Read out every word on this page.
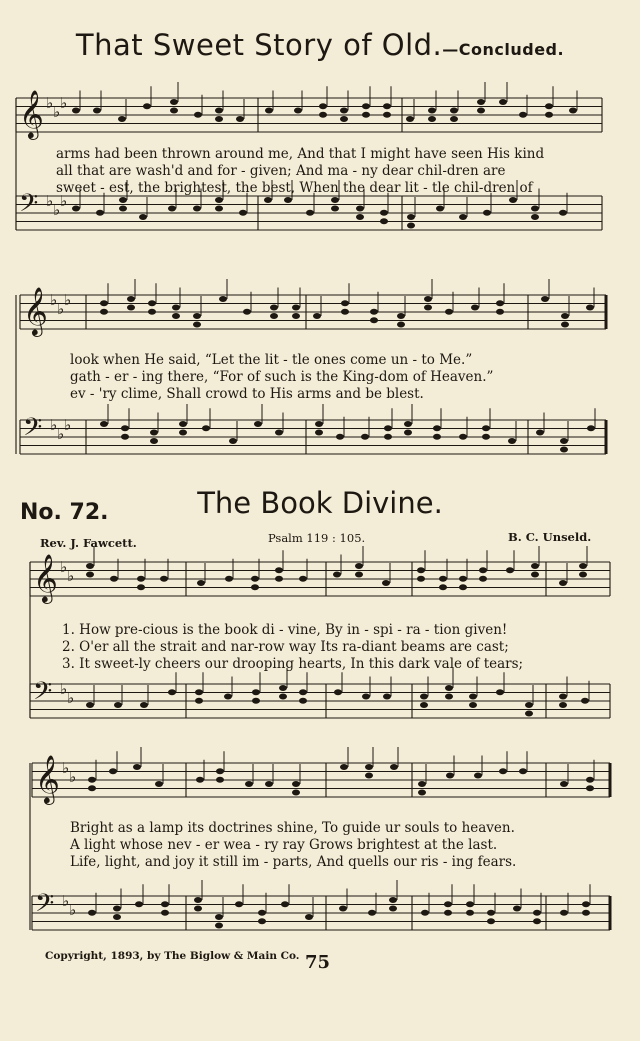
That Sweet Story of Old.—Concluded.
No. 72.	The Book Divine.
Rev. J. Fawcett.	Psalm 119 : 105.	B. C. Unseld.
𝄞 ♭ ♭ ♭
𝄢 ♭ ♭ ♭
𝄞 ♭ ♭ ♭
𝄢 ♭ ♭ ♭
𝄞 ♭ ♭
𝄢 ♭ ♭
𝄞 ♭ ♭
𝄢 ♭ ♭
arms had been thrown around me, And that I might have seen His kind
all that are wash'd and for - given; And ma - ny dear chil-dren are
sweet - est, the brightest, the best, When the dear lit - tle chil-dren of
look when He said, “Let the lit - tle ones come un - to Me.”
gath - er - ing there, “For of such is the King-dom of Heaven.”
ev - 'ry clime, Shall crowd to His arms and be blest.
1. How pre-cious is the book di - vine, By in - spi - ra - tion given!
2. O'er all the strait and nar-row way Its ra-diant beams are cast;
3. It sweet-ly cheers our drooping hearts, In this dark vale of tears;
Bright as a lamp its doctrines shine, To guide ur souls to heaven.
A light whose nev - er wea - ry ray Grows brightest at the last.
Life, light, and joy it still im - parts, And quells our ris - ing fears.
Copyright, 1893, by The Biglow & Main Co. 75
